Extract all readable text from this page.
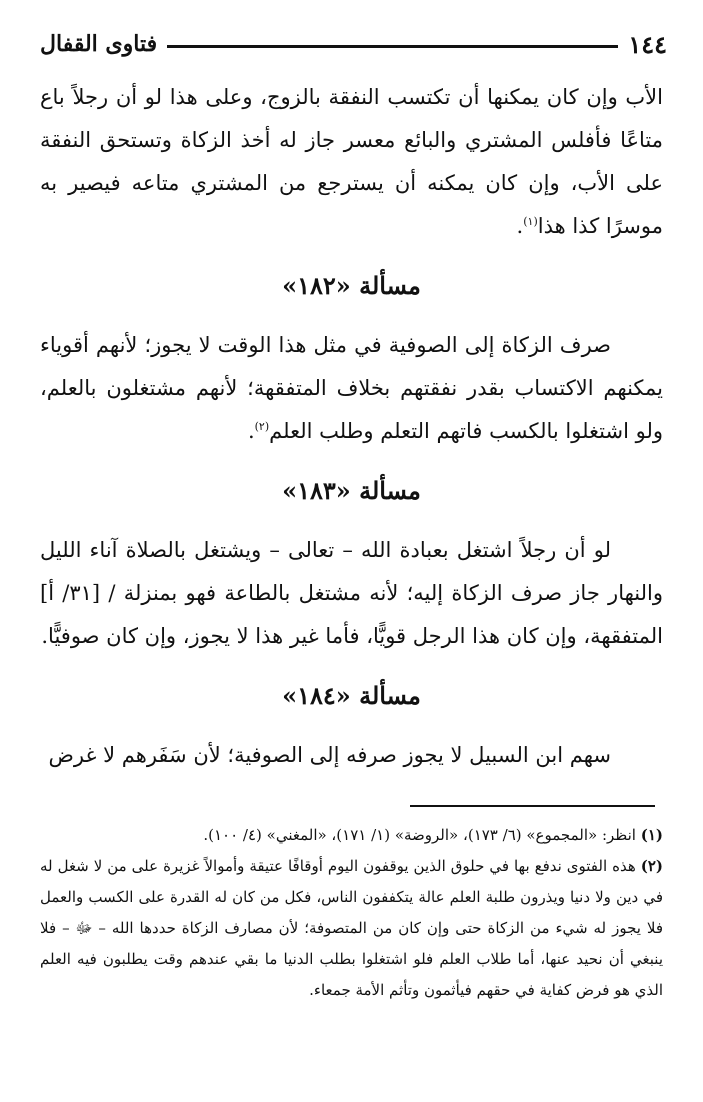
١٤٤
فتاوى القفال

الأب وإن كان يمكنها أن تكتسب النفقة بالزوج، وعلى هذا لو أن رجلاً باع متاعًا فأفلس المشتري والبائع معسر جاز له أخذ الزكاة وتستحق النفقة على الأب، وإن كان يمكنه أن يسترجع من المشتري متاعه فيصير به موسرًا كذا هذا$^{(١)}$.

مسألة «١٨٢»

صرف الزكاة إلى الصوفية في مثل هذا الوقت لا يجوز؛ لأنهم أقوياء يمكنهم الاكتساب بقدر نفقتهم بخلاف المتفقهة؛ لأنهم مشتغلون بالعلم، ولو اشتغلوا بالكسب فاتهم التعلم وطلب العلم$^{(٢)}$.

مسألة «١٨٣»

لو أن رجلاً اشتغل بعبادة الله – تعالى – ويشتغل بالصلاة آناء الليل والنهار جاز صرف الزكاة إليه؛ لأنه مشتغل بالطاعة فهو بمنزلة / [٣١/ أ] المتفقهة، وإن كان هذا الرجل قويًّا، فأما غير هذا لا يجوز، وإن كان صوفيًّا.

مسألة «١٨٤»

سهم ابن السبيل لا يجوز صرفه إلى الصوفية؛ لأن سَفَرهم لا غرض

(١) انظر: «المجموع» (٦/ ١٧٣)، «الروضة» (١/ ١٧١)، «المغني» (٤/ ١٠٠).

(٢) هذه الفتوى ندفع بها في حلوق الذين يوقفون اليوم أوقافًا عتيقة وأموالاً غزيرة على من لا شغل له في دين ولا دنيا ويذرون طلبة العلم عالة يتكففون الناس، فكل من كان له القدرة على الكسب والعمل فلا يجوز له شيء من الزكاة حتى وإن كان من المتصوفة؛ لأن مصارف الزكاة حددها الله – ﷻ – فلا ينبغي أن نحيد عنها، أما طلاب العلم فلو اشتغلوا بطلب الدنيا ما بقي عندهم وقت يطلبون فيه العلم الذي هو فرض كفاية في حقهم فيأثمون وتأثم الأمة جمعاء.
